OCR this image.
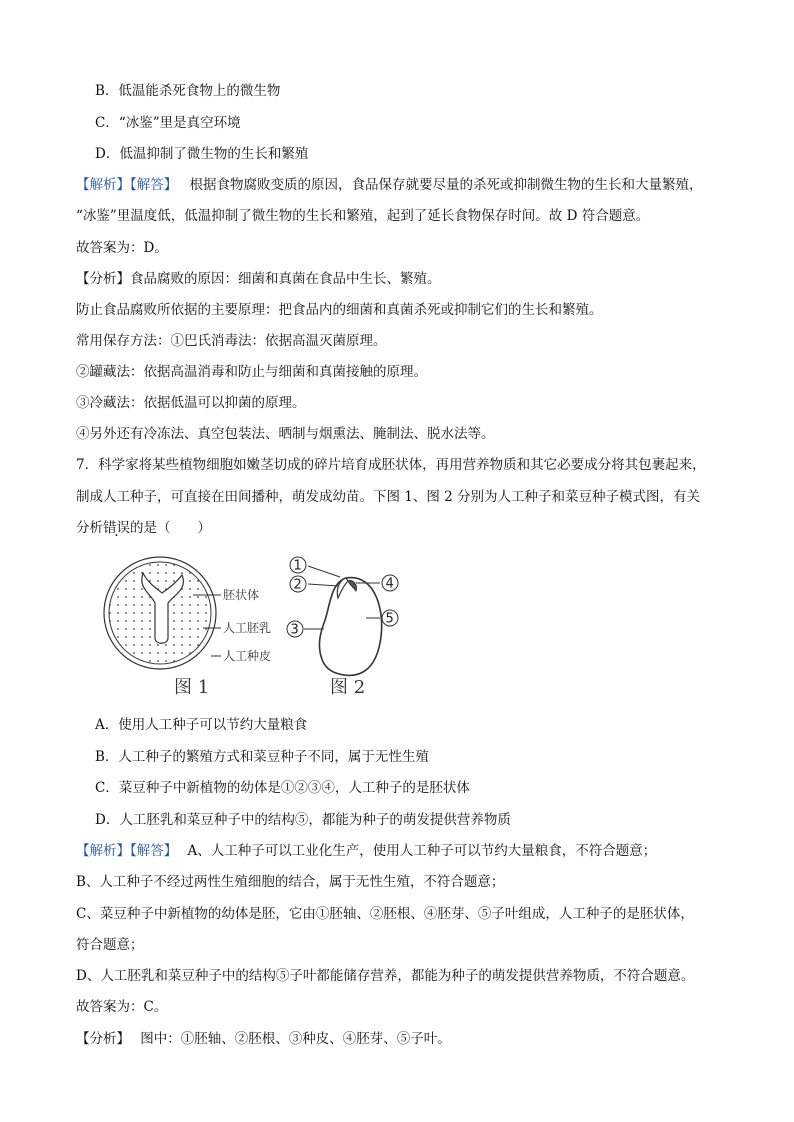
B．低温能杀死食物上的微生物
C．“冰鉴”里是真空环境
D．低温抑制了微生物的生长和繁殖
【解析】【解答】 根据食物腐败变质的原因，食品保存就要尽量的杀死或抑制微生物的生长和大量繁殖，
“冰鉴”里温度低，低温抑制了微生物的生长和繁殖，起到了延长食物保存时间。故 D 符合题意。
故答案为：D。
【分析】食品腐败的原因：细菌和真菌在食品中生长、繁殖。
防止食品腐败所依据的主要原理：把食品内的细菌和真菌杀死或抑制它们的生长和繁殖。
常用保存方法：①巴氏消毒法：依据高温灭菌原理。
②罐藏法：依据高温消毒和防止与细菌和真菌接触的原理。
③冷藏法：依据低温可以抑菌的原理。
④另外还有冷冻法、真空包装法、晒制与烟熏法、腌制法、脱水法等。
7．科学家将某些植物细胞如嫩茎切成的碎片培育成胚状体，再用营养物质和其它必要成分将其包裹起来，
制成人工种子，可直接在田间播种，萌发成幼苗。下图 1、图 2 分别为人工种子和菜豆种子模式图，有关
分析错误的是（　　）
胚状体
人工胚乳
人工种皮
图 1
1
2
3
4
5
图 2
A．使用人工种子可以节约大量粮食
B．人工种子的繁殖方式和菜豆种子不同，属于无性生殖
C．菜豆种子中新植物的幼体是①②③④，人工种子的是胚状体
D．人工胚乳和菜豆种子中的结构⑤，都能为种子的萌发提供营养物质
【解析】【解答】 A、人工种子可以工业化生产，使用人工种子可以节约大量粮食，不符合题意；
B、人工种子不经过两性生殖细胞的结合，属于无性生殖，不符合题意；
C、菜豆种子中新植物的幼体是胚，它由①胚轴、②胚根、④胚芽、⑤子叶组成，人工种子的是胚状体，
符合题意；
D、人工胚乳和菜豆种子中的结构⑤子叶都能储存营养，都能为种子的萌发提供营养物质，不符合题意。
故答案为：C。
【分析】 图中：①胚轴、②胚根、③种皮、④胚芽、⑤子叶。
